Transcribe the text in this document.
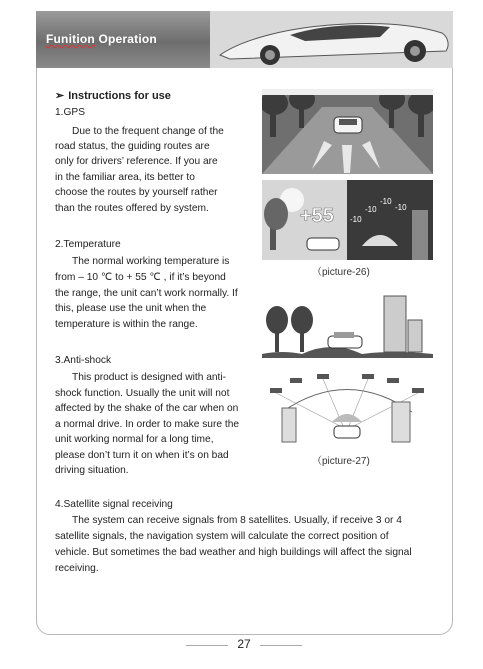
Funition Operation
➢ Instructions for use
1.GPS
Due to the frequent change of the
road status, the guiding routes are
only for drivers’ reference. If you are
in the familiar area, its better to
choose the routes by yourself rather
than the routes offered by system.
2.Temperature
The normal working temperature is
from – 10 ℃ to + 55 ℃ , if it’s beyond
the range, the unit can’t work normally. If
this, please use the unit when the
temperature is within the range.
3.Anti-shock
This product is designed with anti-
shock function. Usually the unit will not
affected by the shake of the car when on
a normal drive. In order to make sure the
unit working normal for a long time,
please don’t turn it on when it’s on bad
driving situation.
4.Satellite signal receiving
The system can receive signals from 8 satellites. Usually, if receive 3 or 4
satellite signals, the navigation system will calculate the correct position of
vehicle. But sometimes the bad weather and high buildings will affect the signal
receiving.
+55	-10
-10
-10
-10
（picture-26)
（picture-27)
27
